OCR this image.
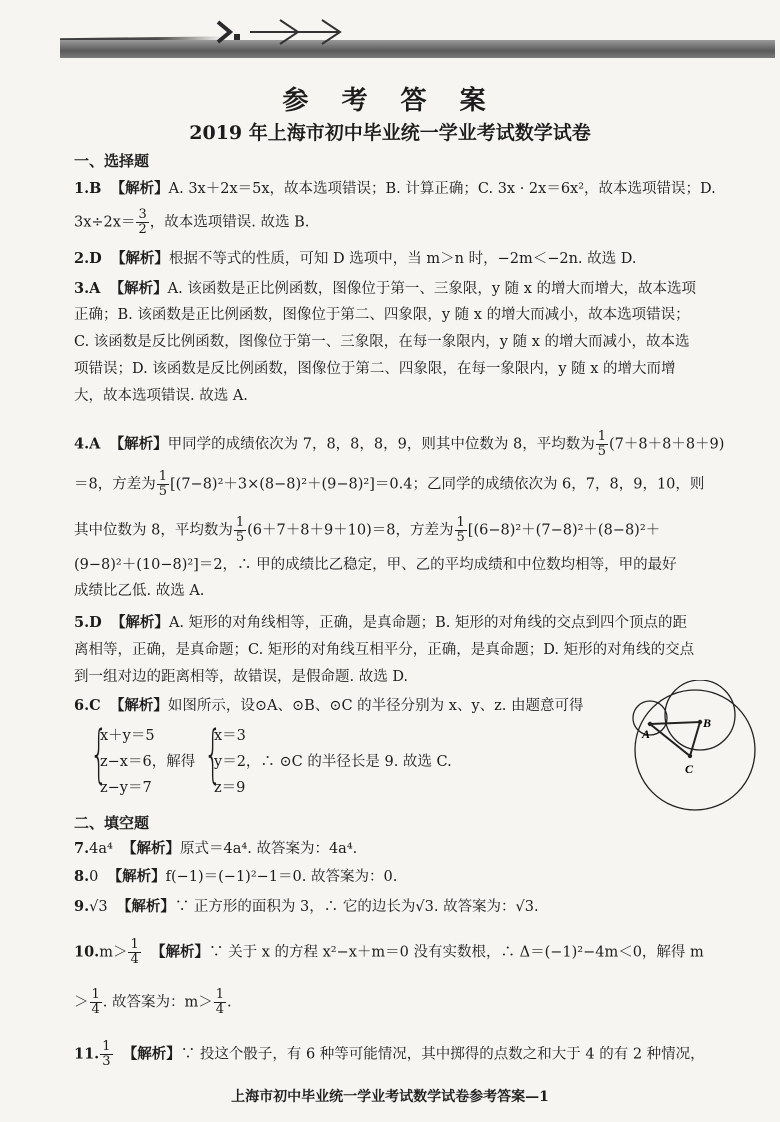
参 考 答 案
2019 年上海市初中毕业统一学业考试数学试卷
一、选择题
1.B 【解析】A. 3x＋2x＝5x，故本选项错误；B. 计算正确；C. 3x · 2x＝6x²，故本选项错误；D.
$3x\div 2x= \frac{3}{2}$ ，故本选项错误. 故选 B.
2.D 【解析】根据不等式的性质，可知 D 选项中，当 m＞n 时，−2m＜−2n. 故选 D.
3.A 【解析】A. 该函数是正比例函数，图像位于第一、三象限，y 随 x 的增大而增大，故本选项
正确；B. 该函数是正比例函数，图像位于第二、四象限，y 随 x 的增大而减小，故本选项错误；
C. 该函数是反比例函数，图像位于第一、三象限，在每一象限内，y 随 x 的增大而减小，故本选
项错误；D. 该函数是反比例函数，图像位于第二、四象限，在每一象限内，y 随 x 的增大而增
大，故本选项错误. 故选 A.
4.A 【解析】甲同学的成绩依次为 7，8，8，8，9，则其中位数为 8，平均数为 $\frac{1}{5} (7+8+8+8+9)$
＝8，方差为 $\frac{1}{5} [(7-8)^2+3\times(8-8)^2+(9-8)^2]=0.4$；乙同学的成绩依次为 6，7，8，9，10，则
其中位数为 8，平均数为 $\frac{1}{5} (6+7+8+9+10)=8$，方差为 $\frac{1}{5} [(6-8)^2+(7-8)^2+(8-8)^2+$
(9−8)²＋(10−8)²]＝2，∴ 甲的成绩比乙稳定，甲、乙的平均成绩和中位数均相等，甲的最好
成绩比乙低. 故选 A.
5.D 【解析】A. 矩形的对角线相等，正确，是真命题；B. 矩形的对角线的交点到四个顶点的距
离相等，正确，是真命题；C. 矩形的对角线互相平分，正确，是真命题；D. 矩形的对角线的交点
到一组对边的距离相等，故错误，是假命题. 故选 D.
6.C 【解析】如图所示，设⊙A、⊙B、⊙C 的半径分别为 x、y、z. 由题意可得
{
x＋y＝5
z−x＝6，解得
z−y＝7 {
x＝3
y＝2，∴ ⊙C 的半径长是 9. 故选 C.
z＝9
A
B
C
二、填空题
7.4a⁴ 【解析】原式＝4a⁴. 故答案为：4a⁴.
8.0 【解析】f(−1)＝(−1)²−1＝0. 故答案为：0.
9.√3 【解析】∵ 正方形的面积为 3，∴ 它的边长为√3. 故答案为：√3.
$10.m> \frac{1}{4}$ 【解析】∵ 关于 x 的方程 x²−x＋m＝0 没有实数根，∴ Δ＝(−1)²−4m＜0，解得 m
＞ $\frac{1}{4}$ . 故答案为：$m> \frac{1}{4}$ .
11. $\frac{1}{3}$ 【解析】∵ 投这个骰子，有 6 种等可能情况，其中掷得的点数之和大于 4 的有 2 种情况，
上海市初中毕业统一学业考试数学试卷参考答案—1
